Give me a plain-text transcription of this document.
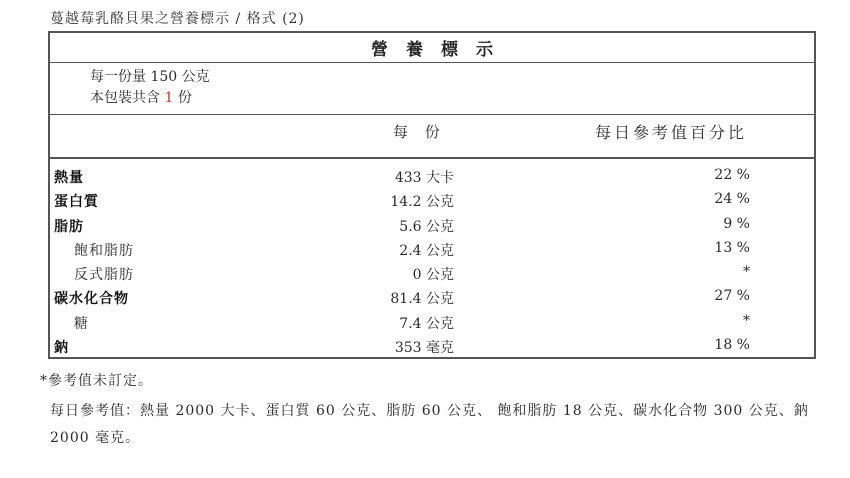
蔓越莓乳酪貝果之營養標示 / 格式 (2)
營養標示
每一份量 150 公克
本包裝共含 1 份
每 份	每日參考值百分比
熱量	433 大卡	22 %
蛋白質	14.2 公克	24 %
脂肪	5.6 公克	9 %
飽和脂肪	2.4 公克	13 %
反式脂肪	0 公克	*
碳水化合物	81.4 公克	27 %
糖	7.4 公克	*
鈉	353 毫克	18 %
*參考值未訂定。
每日參考值：熱量 2000 大卡、蛋白質 60 公克、脂肪 60 公克、 飽和脂肪 18 公克、碳水化合物 300 公克、鈉 2000 毫克。
